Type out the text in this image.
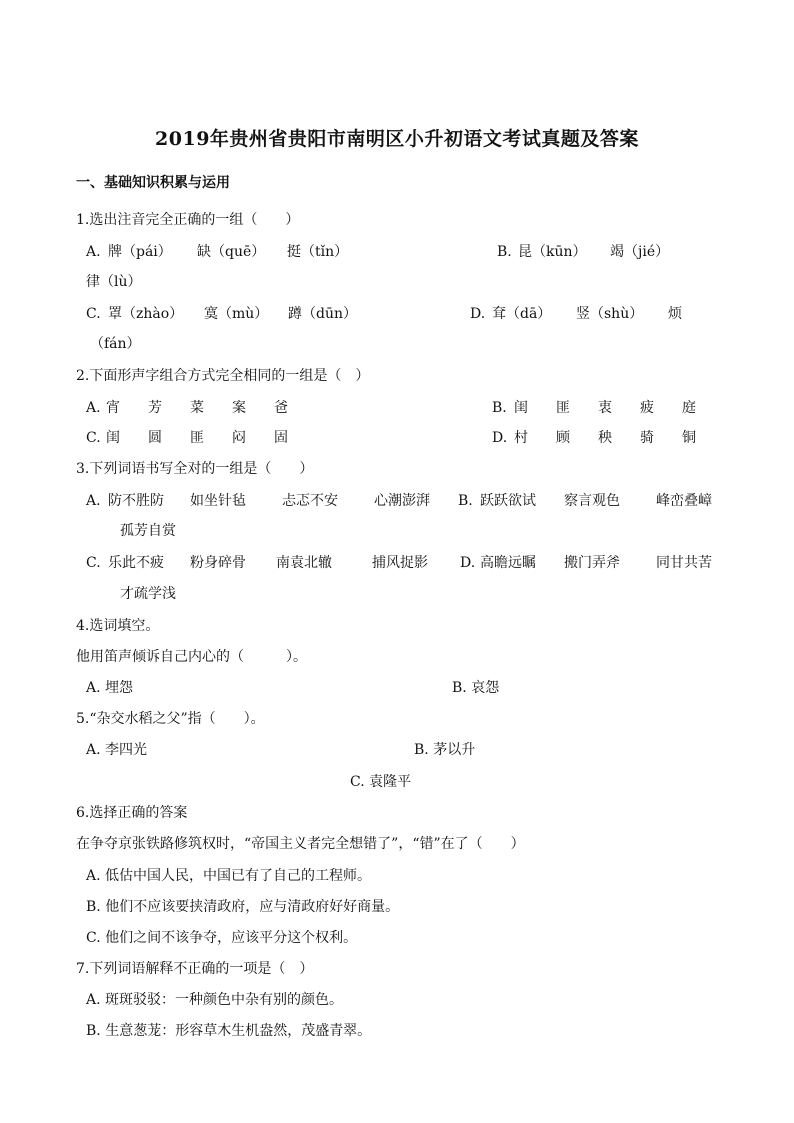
2019年贵州省贵阳市南明区小升初语文考试真题及答案
一、基础知识积累与运用
1.选出注音完全正确的一组（　　）
A. 牌（pái） 缺（quē） 挺（tǐn）	B. 昆（kūn） 竭（jié）
律（lù）
C. 罩（zhào） 寞（mù） 蹲（dūn）	D. 耷（dā） 竖（shù） 烦
（fán）
2.下面形声字组合方式完全相同的一组是（　）
A. 宵 芳 菜 案 爸	B. 闺 匪 衷 疲 庭
C. 闺 圆 匪 闷 固	D. 村 顾 秧 骑 铜
3.下列词语书写全对的一组是（　　）
A. 防不胜防 如坐针毡	忐忑不安	心潮澎湃 B. 跃跃欲试 察言观色	峰峦叠嶂
孤芳自赏
C. 乐此不疲 粉身碎骨 南袁北辙	捕风捉影 D. 高瞻远瞩 搬门弄斧	同甘共苦
才疏学浅
4.选词填空。
他用笛声倾诉自己内心的（　　　）。
A. 埋怨	B. 哀怨
5.“杂交水稻之父”指（　　）。
A. 李四光	B. 茅以升
C. 袁隆平
6.选择正确的答案
在争夺京张铁路修筑权时，“帝国主义者完全想错了”，“错”在了（　　）
A. 低估中国人民，中国已有了自己的工程师。
B. 他们不应该要挟清政府，应与清政府好好商量。
C. 他们之间不该争夺，应该平分这个权利。
7.下列词语解释不正确的一项是（　）
A. 斑斑驳驳：一种颜色中杂有别的颜色。
B. 生意葱茏：形容草木生机盎然，茂盛青翠。
